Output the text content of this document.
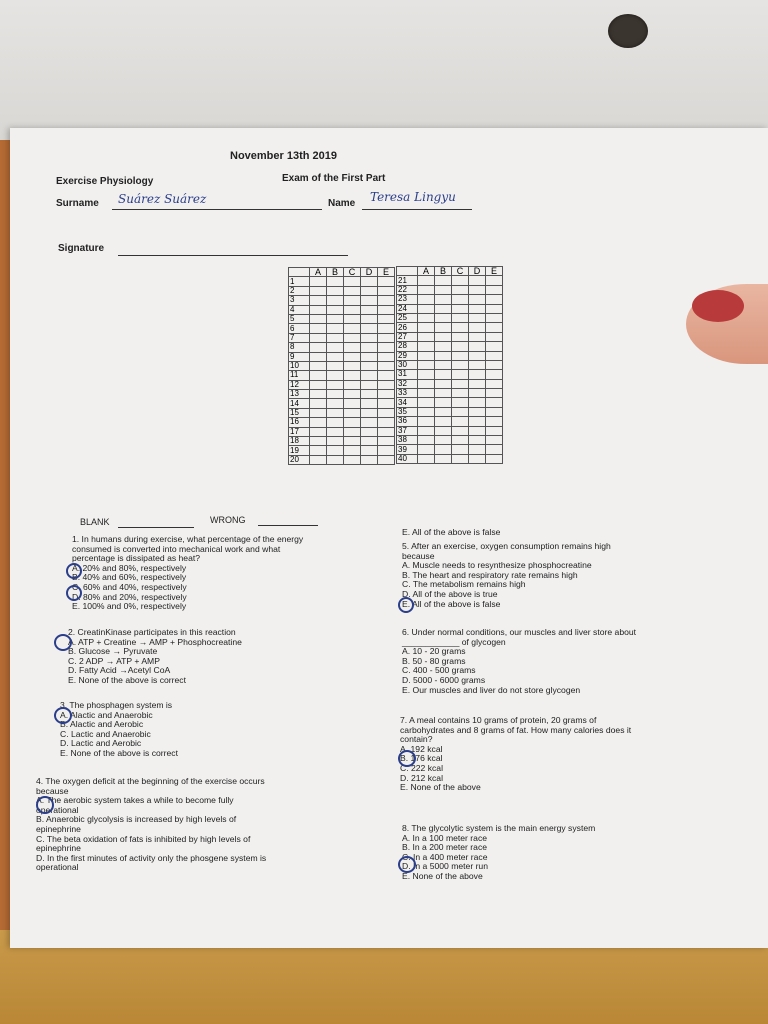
November 13th 2019
Exercise Physiology	Exam of the First Part
Surname Suárez Suárez	Name Teresa Lingyu
Signature
	A	B	C	D	E
1					
2					
3					
4					
5					
6					
7					
8					
9					
10					
11					
12					
13					
14					
15					
16					
17					
18					
19					
20					
	A	B	C	D	E
21					
22					
23					
24					
25					
26					
27					
28					
29					
30					
31					
32					
33					
34					
35					
36					
37					
38					
39					
40					
BLANK	WRONG
1. In humans during exercise, what percentage of the energy
consumed is converted into mechanical work and what
percentage is dissipated as heat?
A. 20% and 80%, respectively
B. 40% and 60%, respectively
C. 60% and 40%, respectively
D. 80% and 20%, respectively
E. 100% and 0%, respectively
2. CreatinKinase participates in this reaction
A. ATP + Creatine → AMP + Phosphocreatine
B. Glucose → Pyruvate
C. 2 ADP → ATP + AMP
D. Fatty Acid →Acetyl CoA
E. None of the above is correct
3. The phosphagen system is
A. Alactic and Anaerobic
B. Alactic and Aerobic
C. Lactic and Anaerobic
D. Lactic and Aerobic
E. None of the above is correct
4. The oxygen deficit at the beginning of the exercise occurs
because
A. The aerobic system takes a while to become fully
operational
B. Anaerobic glycolysis is increased by high levels of
epinephrine
C. The beta oxidation of fats is inhibited by high levels of
epinephrine
D. In the first minutes of activity only the phosgene system is
operational
E. All of the above is false
5. After an exercise, oxygen consumption remains high
because
A. Muscle needs to resynthesize phosphocreatine
B. The heart and respiratory rate remains high
C. The metabolism remains high
D. All of the above is true
E. All of the above is false
6. Under normal conditions, our muscles and liver store about
____________ of glycogen
A. 10 - 20 grams
B. 50 - 80 grams
C. 400 - 500 grams
D. 5000 - 6000 grams
E. Our muscles and liver do not store glycogen
7. A meal contains 10 grams of protein, 20 grams of
carbohydrates and 8 grams of fat. How many calories does it
contain?
A. 192 kcal
B. 176 kcal
C. 222 kcal
D. 212 kcal
E. None of the above
8. The glycolytic system is the main energy system
A. In a 100 meter race
B. In a 200 meter race
C. In a 400 meter race
D. In a 5000 meter run
E. None of the above
